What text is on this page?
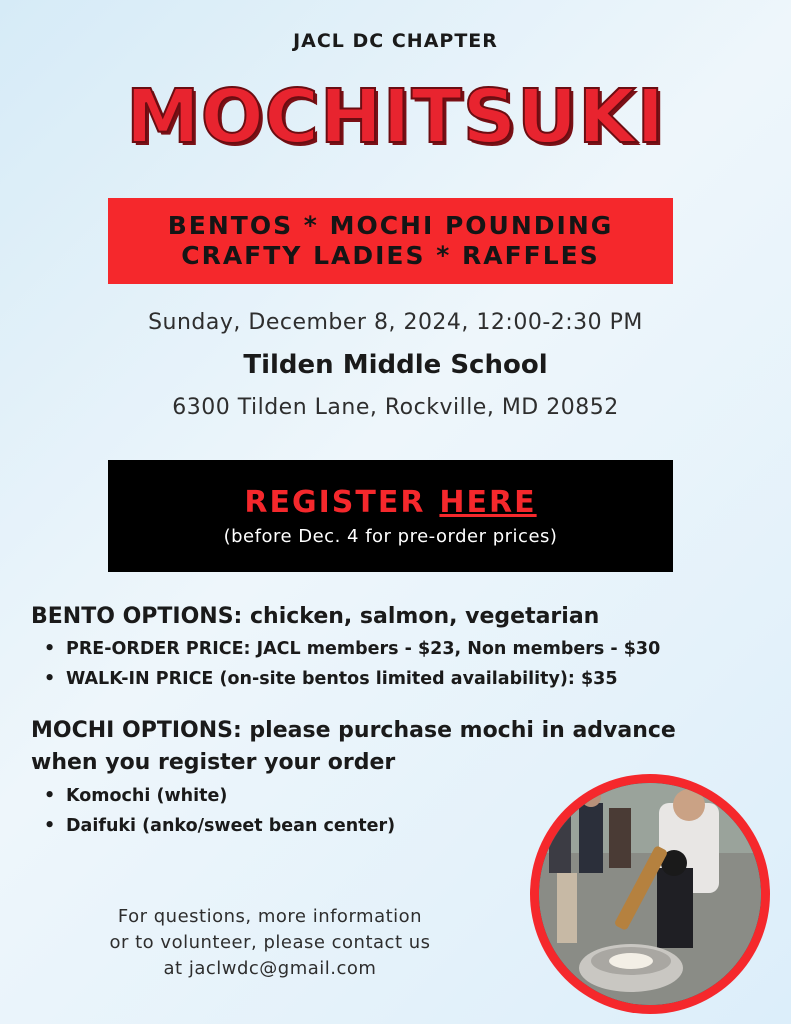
JACL DC CHAPTER
MOCHITSUKI
BENTOS * MOCHI POUNDING
CRAFTY LADIES * RAFFLES
Sunday, December 8, 2024, 12:00-2:30 PM
Tilden Middle School
6300 Tilden Lane, Rockville, MD 20852
REGISTER HERE
(before Dec. 4 for pre-order prices)
BENTO OPTIONS: chicken, salmon, vegetarian
• PRE-ORDER PRICE: JACL members - $23, Non members - $30
• WALK-IN PRICE (on-site bentos limited availability): $35
MOCHI OPTIONS: please purchase mochi in advance
when you register your order
• Komochi (white)
• Daifuki (anko/sweet bean center)
For questions, more information
or to volunteer, please contact us
at jaclwdc@gmail.com
